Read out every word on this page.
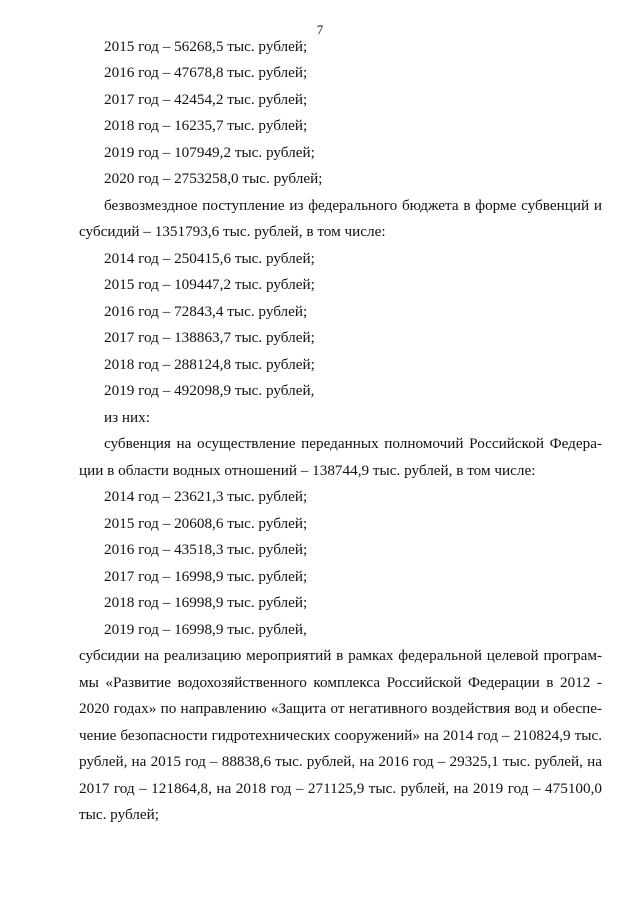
7
2015 год – 56268,5 тыс. рублей;
2016 год – 47678,8 тыс. рублей;
2017 год – 42454,2 тыс. рублей;
2018 год – 16235,7 тыс. рублей;
2019 год – 107949,2 тыс. рублей;
2020 год – 2753258,0 тыс. рублей;
безвозмездное поступление из федерального бюджета в форме субвенций и
субсидий – 1351793,6 тыс. рублей, в том числе:
2014 год – 250415,6 тыс. рублей;
2015 год – 109447,2 тыс. рублей;
2016 год – 72843,4 тыс. рублей;
2017 год – 138863,7 тыс. рублей;
2018 год – 288124,8 тыс. рублей;
2019 год – 492098,9 тыс. рублей,
из них:
субвенция на осуществление переданных полномочий Российской Федера-
ции в области водных отношений – 138744,9 тыс. рублей, в том числе:
2014 год – 23621,3 тыс. рублей;
2015 год – 20608,6 тыс. рублей;
2016 год – 43518,3 тыс. рублей;
2017 год – 16998,9 тыс. рублей;
2018 год – 16998,9 тыс. рублей;
2019 год – 16998,9 тыс. рублей,
субсидии на реализацию мероприятий в рамках федеральной целевой програм-
мы «Развитие водохозяйственного комплекса Российской Федерации в 2012 -
2020 годах» по направлению «Защита от негативного воздействия вод и обеспе-
чение безопасности гидротехнических сооружений» на 2014 год – 210824,9 тыс.
рублей, на 2015 год – 88838,6 тыс. рублей, на 2016 год – 29325,1 тыс. рублей, на
2017 год – 121864,8, на 2018 год – 271125,9 тыс. рублей, на 2019 год – 475100,0
тыс. рублей;
